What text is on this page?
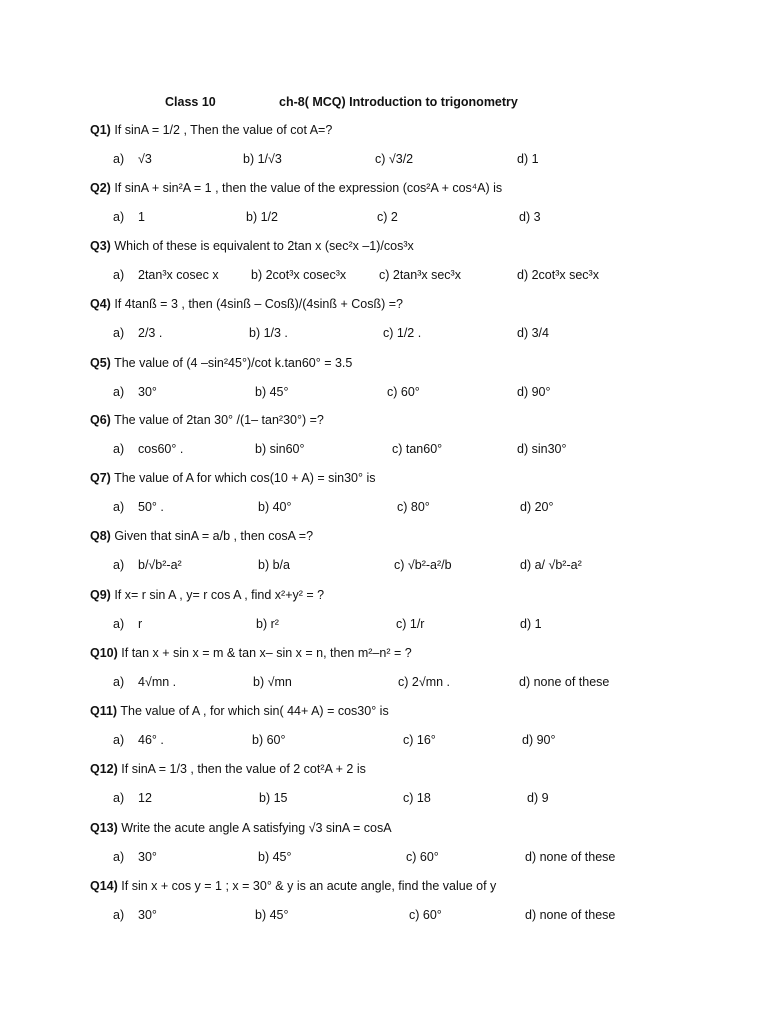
Class 10	ch-8( MCQ) Introduction to trigonometry
Q1) If sinA = 1/2 , Then the value of cot A=?
a)    √3	b) 1/√3	c) √3/2	d) 1
Q2) If sinA + sin²A = 1 , then the value of the expression (cos²A + cos⁴A) is
a)    1	b) 1/2	c) 2	d) 3
Q3) Which of these is equivalent to 2tan x (sec²x –1)/cos³x
a)    2tan³x cosec x	b) 2cot³x cosec³x	c) 2tan³x sec³x	d) 2cot³x sec³x
Q4) If 4tanß = 3 , then (4sinß – Cosß)/(4sinß + Cosß) =?
a)    2/3 .	b) 1/3 .	c) 1/2 .	d) 3/4
Q5) The value of (4 –sin²45°)/cot k.tan60° = 3.5
a)    30°	b) 45°	c) 60°	d) 90°
Q6) The value of 2tan 30° /(1– tan²30°) =?
a)    cos60° .	b) sin60°	c) tan60°	d) sin30°
Q7) The value of A for which cos(10 + A) = sin30° is
a)    50° .	b) 40°	c) 80°	d) 20°
Q8) Given that sinA = a/b , then cosA =?
a)    b/√b²-a²	b) b/a	c) √b²-a²/b	d) a/ √b²-a²
Q9) If x= r sin A , y= r cos A , find x²+y² = ?
a)    r	b) r²	c) 1/r	d) 1
Q10) If tan x + sin x = m & tan x– sin x = n, then m²–n² = ?
a)    4√mn .	b) √mn	c) 2√mn .	d) none of these
Q11) The value of A , for which sin( 44+ A) = cos30° is
a)    46° .	b) 60°	c) 16°	d) 90°
Q12) If sinA = 1/3 , then the value of 2 cot²A + 2 is
a)    12	b) 15	c) 18	d) 9
Q13) Write the acute angle A satisfying √3 sinA = cosA
a)    30°	b) 45°	c) 60°	d) none of these
Q14) If sin x + cos y = 1 ; x = 30° & y is an acute angle, find the value of y
a)    30°	b) 45°	c) 60°	d) none of these
